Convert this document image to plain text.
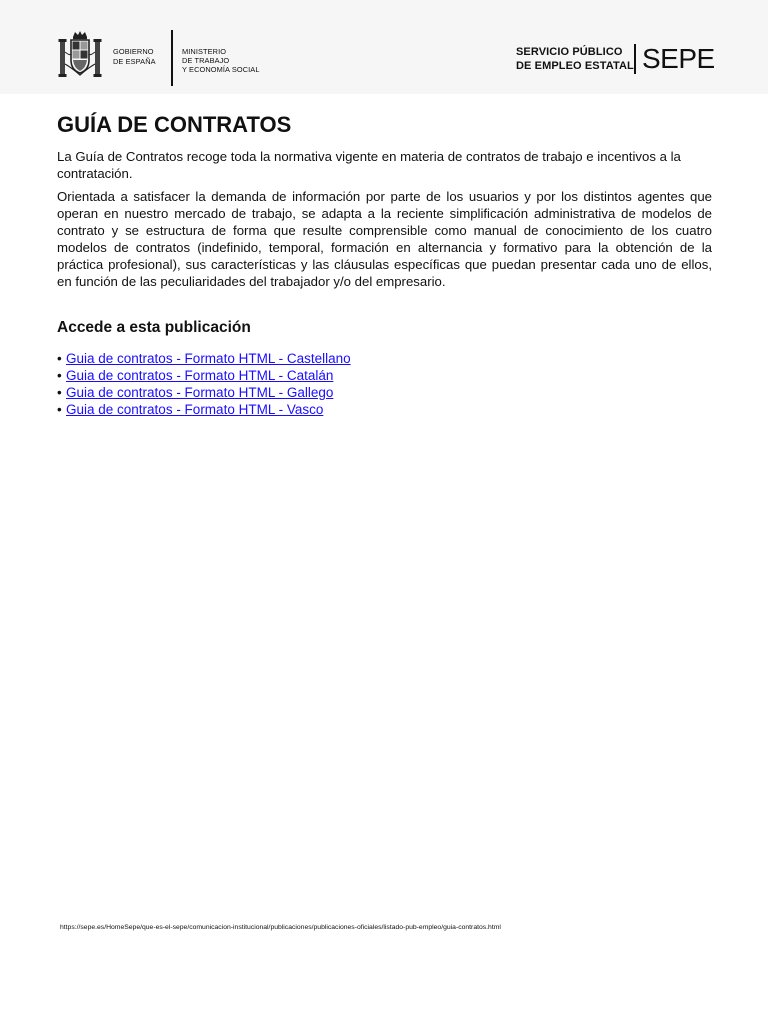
GOBIERNO
DE ESPAÑA
MINISTERIO
DE TRABAJO
Y ECONOMÍA SOCIAL
SERVICIO PÚBLICO
DE EMPLEO ESTATAL SEPE
GUÍA DE CONTRATOS

La Guía de Contratos recoge toda la normativa vigente en materia de contratos de trabajo e incentivos a la contratación.

Orientada a satisfacer la demanda de información por parte de los usuarios y por los distintos agentes que operan en nuestro mercado de trabajo, se adapta a la reciente simplificación administrativa de modelos de contrato y se estructura de forma que resulte comprensible como manual de conocimiento de los cuatro modelos de contratos (indefinido, temporal, formación en alternancia y formativo para la obtención de la práctica profesional), sus características y las cláusulas específicas que puedan presentar cada uno de ellos, en función de las peculiaridades del trabajador y/o del empresario.

Accede a esta publicación
• Guia de contratos - Formato HTML - Castellano
• Guia de contratos - Formato HTML - Catalán
• Guia de contratos - Formato HTML - Gallego
• Guia de contratos - Formato HTML - Vasco
https://sepe.es/HomeSepe/que-es-el-sepe/comunicacion-institucional/publicaciones/publicaciones-oficiales/listado-pub-empleo/guia-contratos.html
